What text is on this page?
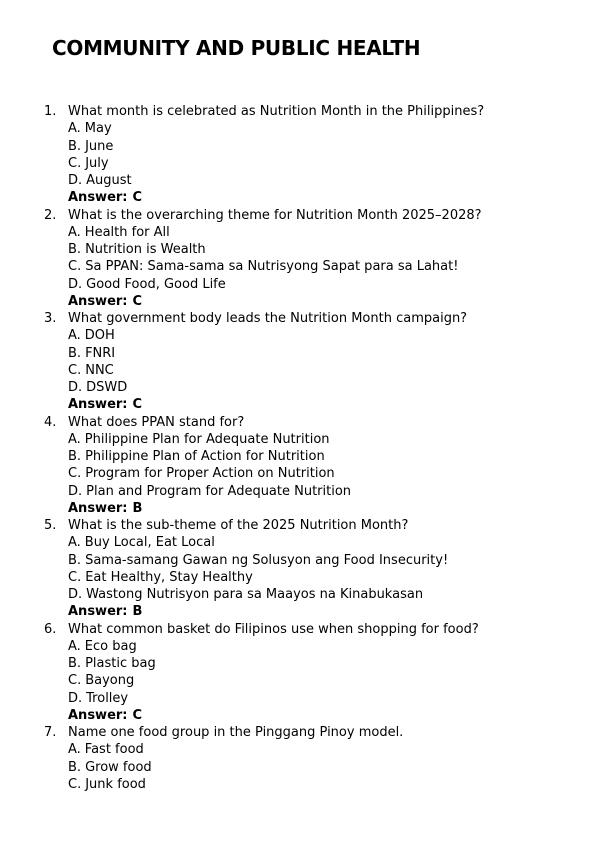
COMMUNITY AND PUBLIC HEALTH
1. What month is celebrated as Nutrition Month in the Philippines?
A. May
B. June
C. July
D. August
Answer: C
2. What is the overarching theme for Nutrition Month 2025–2028?
A. Health for All
B. Nutrition is Wealth
C. Sa PPAN: Sama-sama sa Nutrisyong Sapat para sa Lahat!
D. Good Food, Good Life
Answer: C
3. What government body leads the Nutrition Month campaign?
A. DOH
B. FNRI
C. NNC
D. DSWD
Answer: C
4. What does PPAN stand for?
A. Philippine Plan for Adequate Nutrition
B. Philippine Plan of Action for Nutrition
C. Program for Proper Action on Nutrition
D. Plan and Program for Adequate Nutrition
Answer: B
5. What is the sub-theme of the 2025 Nutrition Month?
A. Buy Local, Eat Local
B. Sama-samang Gawan ng Solusyon ang Food Insecurity!
C. Eat Healthy, Stay Healthy
D. Wastong Nutrisyon para sa Maayos na Kinabukasan
Answer: B
6. What common basket do Filipinos use when shopping for food?
A. Eco bag
B. Plastic bag
C. Bayong
D. Trolley
Answer: C
7. Name one food group in the Pinggang Pinoy model.
A. Fast food
B. Grow food
C. Junk food
